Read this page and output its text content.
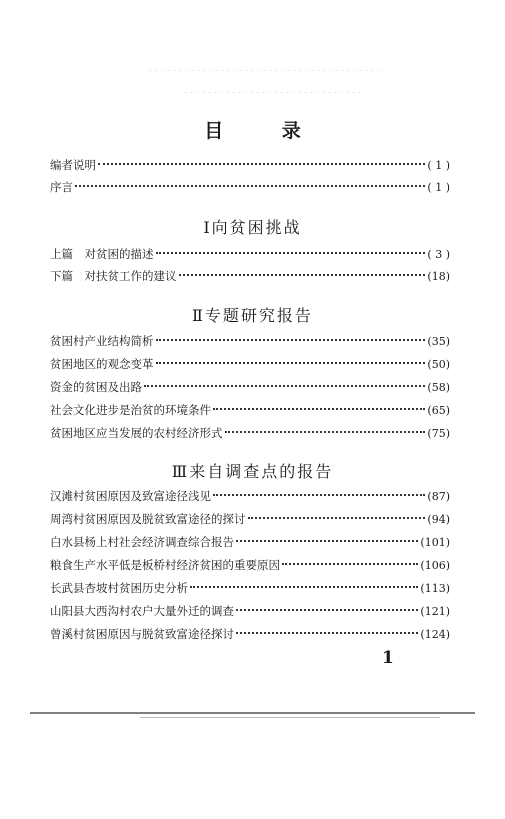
目 录
编者说明	( 1 )
序言	( 1 )
Ⅰ向贫困挑战
上篇　对贫困的描述	( 3 )
下篇　对扶贫工作的建议	(18)
Ⅱ专题研究报告
贫困村产业结构简析	(35)
贫困地区的观念变革	(50)
资金的贫困及出路	(58)
社会文化进步是治贫的环境条件	(65)
贫困地区应当发展的农村经济形式	(75)
Ⅲ来自调查点的报告
汉滩村贫困原因及致富途径浅见	(87)
周湾村贫困原因及脱贫致富途径的探讨	(94)
白水县杨上村社会经济调查综合报告	(101)
粮食生产水平低是板桥村经济贫困的重要原因	(106)
长武县杏坡村贫困历史分析	(113)
山阳县大西沟村农户大量外迁的调查	(121)
曾溪村贫困原因与脱贫致富途径探讨	(124)
1
